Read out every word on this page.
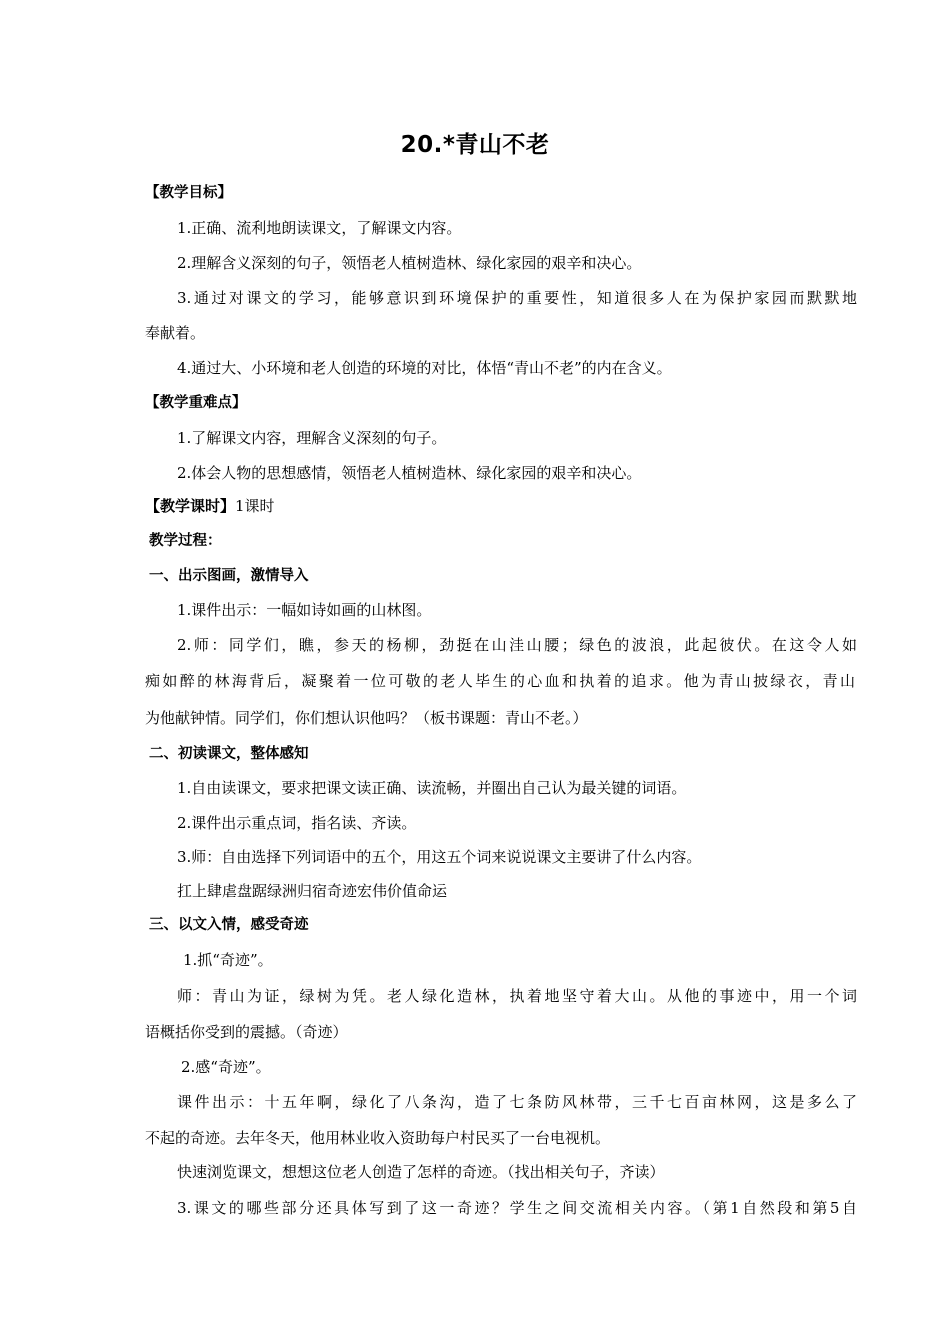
20.*青山不老
【教学目标】
1.正确、流利地朗读课文，了解课文内容。
2.理解含义深刻的句子，领悟老人植树造林、绿化家园的艰辛和决心。
3.通过对课文的学习，能够意识到环境保护的重要性，知道很多人在为保护家园而默默地
奉献着。
4.通过大、小环境和老人创造的环境的对比，体悟“青山不老”的内在含义。
【教学重难点】
1.了解课文内容，理解含义深刻的句子。
2.体会人物的思想感情，领悟老人植树造林、绿化家园的艰辛和决心。
【教学课时】1课时
教学过程：
一、出示图画，激情导入
1.课件出示：一幅如诗如画的山林图。
2.师：同学们，瞧，参天的杨柳，劲挺在山洼山腰；绿色的波浪，此起彼伏。在这令人如
痴如醉的林海背后，凝聚着一位可敬的老人毕生的心血和执着的追求。他为青山披绿衣，青山
为他献钟情。同学们，你们想认识他吗？（板书课题：青山不老。）
二、初读课文，整体感知
1.自由读课文，要求把课文读正确、读流畅，并圈出自己认为最关键的词语。
2.课件出示重点词，指名读、齐读。
3.师：自由选择下列词语中的五个，用这五个词来说说课文主要讲了什么内容。
扛上肆虐盘踞绿洲归宿奇迹宏伟价值命运
三、以文入情，感受奇迹
1.抓“奇迹”。
师：青山为证，绿树为凭。老人绿化造林，执着地坚守着大山。从他的事迹中，用一个词
语概括你受到的震撼。（奇迹）
2.感“奇迹”。
课件出示：十五年啊，绿化了八条沟，造了七条防风林带，三千七百亩林网，这是多么了
不起的奇迹。去年冬天，他用林业收入资助每户村民买了一台电视机。
快速浏览课文，想想这位老人创造了怎样的奇迹。（找出相关句子，齐读）
3.课文的哪些部分还具体写到了这一奇迹？学生之间交流相关内容。（第1自然段和第5自
